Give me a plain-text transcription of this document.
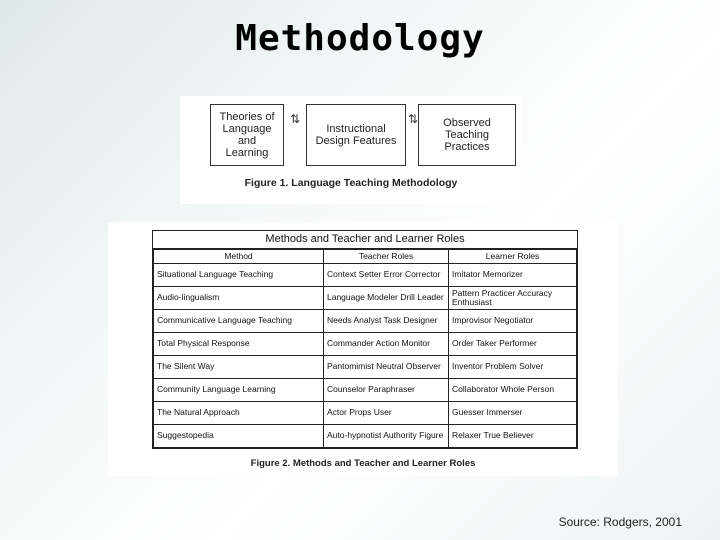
Methodology
Theories of Language and Learning
⇅
Instructional Design Features
⇅	Observed Teaching Practices
Figure 1. Language Teaching Methodology
Methods and Teacher and Learner Roles
Method	Teacher Roles	Learner Roles
Situational Language Teaching	Context Setter Error Corrector	Imitator Memorizer
Audio-lingualism	Language Modeler Drill Leader	Pattern Practicer Accuracy Enthusiast
Communicative Language Teaching	Needs Analyst Task Designer	Improvisor Negotiator
Total Physical Response	Commander Action Monitor	Order Taker Performer
The Silent Way	Pantomimist Neutral Observer	Inventor Problem Solver
Community Language Learning	Counselor Paraphraser	Collaborator Whole Person
The Natural Approach	Actor Props User	Guesser Immerser
Suggestopedia	Auto-hypnotist Authority Figure	Relaxer True Believer
Figure 2. Methods and Teacher and Learner Roles
Source: Rodgers, 2001
